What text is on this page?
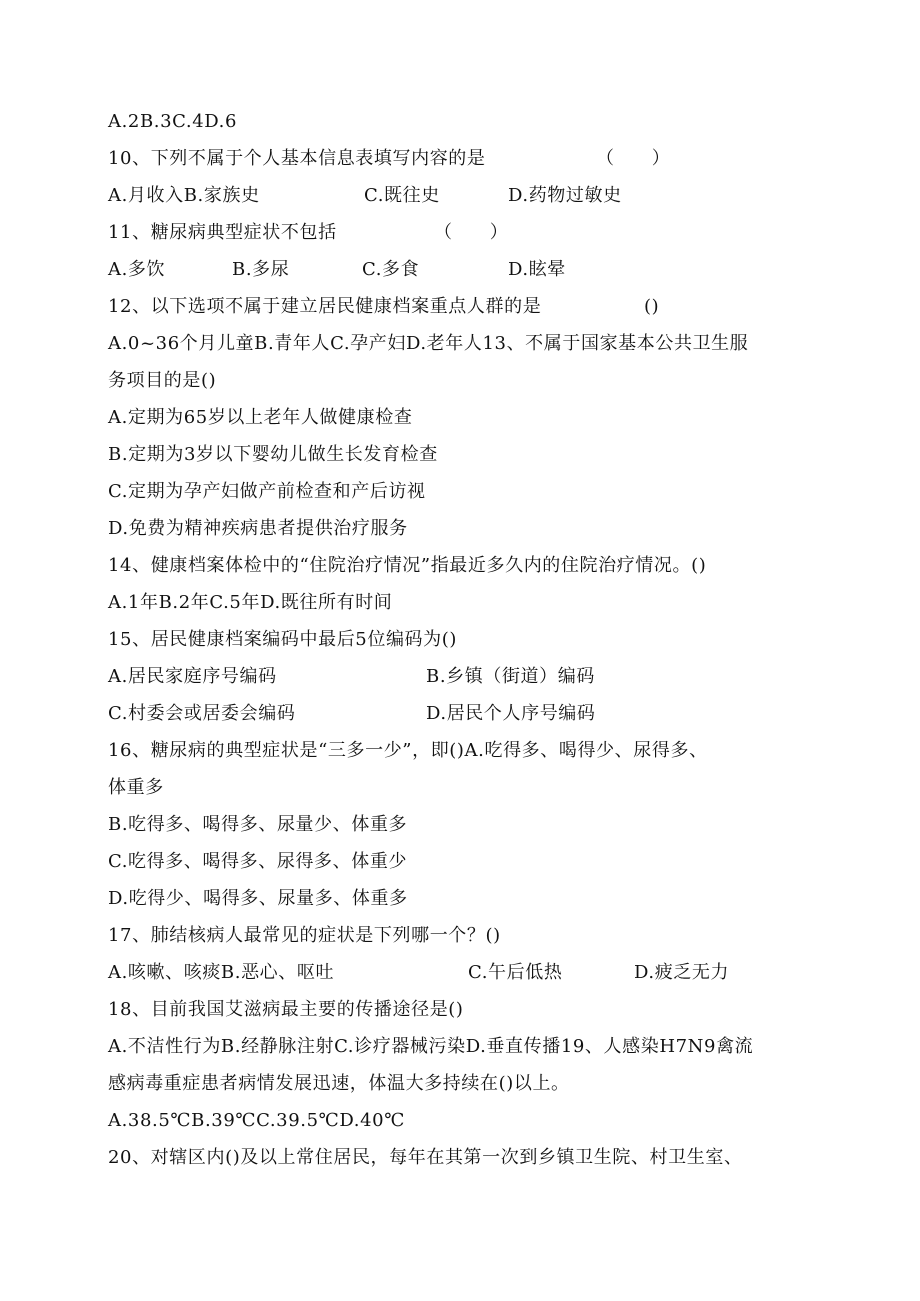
A.2B.3C.4D.6

10、下列不属于个人基本信息表填写内容的是

	（　　）

A.月收入B.家族史

	C.既往史

	D.药物过敏史

11、糖尿病典型症状不包括

	（　　）

A.多饮

	B.多尿

	C.多食

	D.眩晕

12、以下选项不属于建立居民健康档案重点人群的是

	()

A.0~36个月儿童B.青年人C.孕产妇D.老年人13、不属于国家基本公共卫生服
务项目的是()
A.定期为65岁以上老年人做健康检查
B.定期为3岁以下婴幼儿做生长发育检查
C.定期为孕产妇做产前检查和产后访视
D.免费为精神疾病患者提供治疗服务
14、健康档案体检中的“住院治疗情况”指最近多久内的住院治疗情况。()
A.1年B.2年C.5年D.既往所有时间
15、居民健康档案编码中最后5位编码为()

A.居民家庭序号编码

	B.乡镇（街道）编码

C.村委会或居委会编码

	D.居民个人序号编码

16、糖尿病的典型症状是“三多一少”，即()A.吃得多、喝得少、尿得多、
体重多
B.吃得多、喝得多、尿量少、体重多
C.吃得多、喝得多、尿得多、体重少
D.吃得少、喝得多、尿量多、体重多
17、肺结核病人最常见的症状是下列哪一个？()

A.咳嗽、咳痰B.恶心、呕吐

	C.午后低热

	D.疲乏无力

18、目前我国艾滋病最主要的传播途径是()
A.不洁性行为B.经静脉注射C.诊疗器械污染D.垂直传播19、人感染H7N9禽流
感病毒重症患者病情发展迅速，体温大多持续在()以上。
A.38.5℃B.39℃C.39.5℃D.40℃
20、对辖区内()及以上常住居民，每年在其第一次到乡镇卫生院、村卫生室、
